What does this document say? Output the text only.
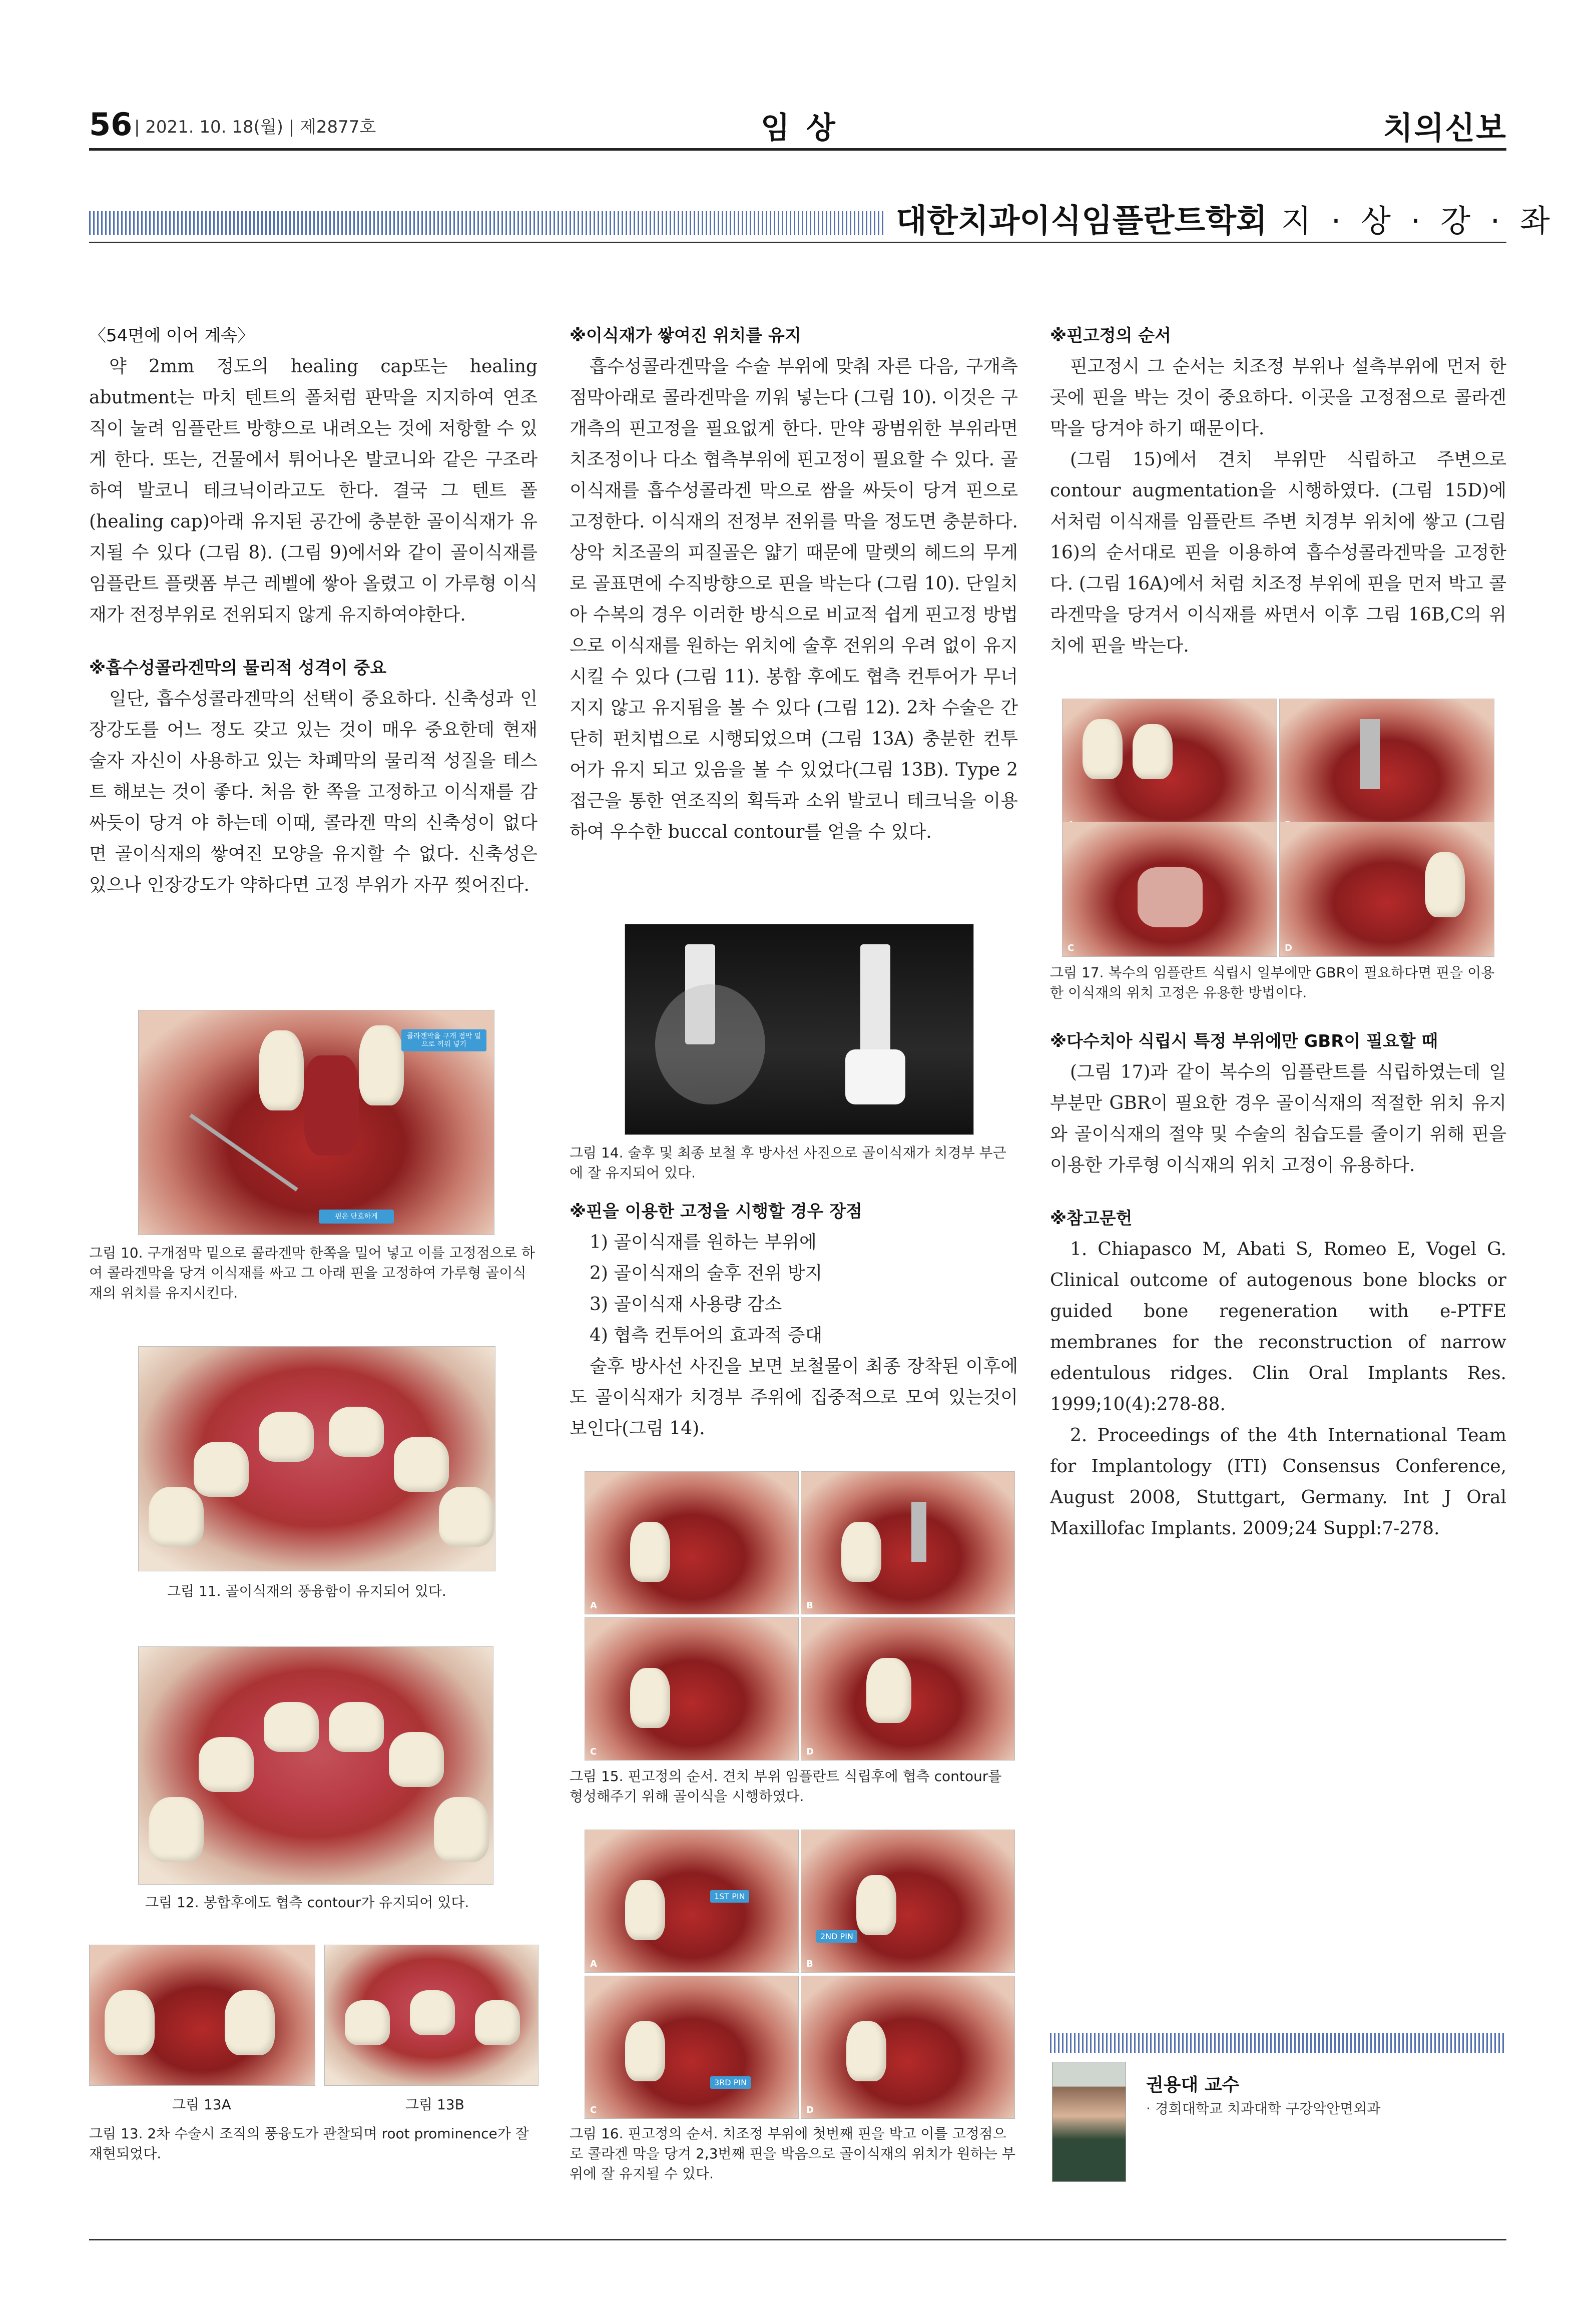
56 | 2021. 10. 18(월) | 제2877호	임 상	치의신보
대한치과이식임플란트학회 지 · 상 · 강 · 좌

〈54면에 이어 계속〉

약 2mm 정도의 healing cap또는 healing abutment는 마치 텐트의 폴처럼 판막을 지지하여 연조직이 눌려 임플란트 방향으로 내려오는 것에 저항할 수 있게 한다. 또는, 건물에서 튀어나온 발코니와 같은 구조라 하여 발코니 테크닉이라고도 한다. 결국 그 텐트 폴 (healing cap)아래 유지된 공간에 충분한 골이식재가 유지될 수 있다 (그림 8). (그림 9)에서와 같이 골이식재를 임플란트 플랫폼 부근 레벨에 쌓아 올렸고 이 가루형 이식재가 전정부위로 전위되지 않게 유지하여야한다.

※흡수성콜라겐막의 물리적 성격이 중요

일단, 흡수성콜라겐막의 선택이 중요하다. 신축성과 인장강도를 어느 정도 갖고 있는 것이 매우 중요한데 현재 술자 자신이 사용하고 있는 차폐막의 물리적 성질을 테스트 해보는 것이 좋다. 처음 한 쪽을 고정하고 이식재를 감싸듯이 당겨 야 하는데 이때, 콜라겐 막의 신축성이 없다면 골이식재의 쌓여진 모양을 유지할 수 없다. 신축성은 있으나 인장강도가 약하다면 고정 부위가 자꾸 찢어진다.

콜라겐막을 구개 점막 밑으로 끼워 넣기
핀은 단호하게
그림 10. 구개점막 밑으로 콜라겐막 한쪽을 밀어 넣고 이를 고정점으로 하여 콜라겐막을 당겨 이식재를 싸고 그 아래 핀을 고정하여 가루형 골이식재의 위치를 유지시킨다.
그림 11. 골이식재의 풍융함이 유지되어 있다.
그림 12. 봉합후에도 협측 contour가 유지되어 있다.
그림 13A	그림 13B
그림 13. 2차 수술시 조직의 풍융도가 관찰되며 root prominence가 잘 재현되었다.

※이식재가 쌓여진 위치를 유지

흡수성콜라겐막을 수술 부위에 맞춰 자른 다음, 구개측 점막아래로 콜라겐막을 끼워 넣는다 (그림 10). 이것은 구개측의 핀고정을 필요없게 한다. 만약 광범위한 부위라면 치조정이나 다소 협측부위에 핀고정이 필요할 수 있다. 골이식재를 흡수성콜라겐 막으로 쌈을 싸듯이 당겨 핀으로 고정한다. 이식재의 전정부 전위를 막을 정도면 충분하다. 상악 치조골의 피질골은 얇기 때문에 말렛의 헤드의 무게로 골표면에 수직방향으로 핀을 박는다 (그림 10). 단일치아 수복의 경우 이러한 방식으로 비교적 쉽게 핀고정 방법으로 이식재를 원하는 위치에 술후 전위의 우려 없이 유지시킬 수 있다 (그림 11). 봉합 후에도 협측 컨투어가 무너지지 않고 유지됨을 볼 수 있다 (그림 12). 2차 수술은 간단히 펀치법으로 시행되었으며 (그림 13A) 충분한 컨투어가 유지 되고 있음을 볼 수 있었다(그림 13B). Type 2 접근을 통한 연조직의 획득과 소위 발코니 테크닉을 이용하여 우수한 buccal contour를 얻을 수 있다.

그림 14. 술후 및 최종 보철 후 방사선 사진으로 골이식재가 치경부 부근에 잘 유지되어 있다.

※핀을 이용한 고정을 시행할 경우 장점

1) 골이식재를 원하는 부위에

2) 골이식재의 술후 전위 방지

3) 골이식재 사용량 감소

4) 협측 컨투어의 효과적 증대

술후 방사선 사진을 보면 보철물이 최종 장착된 이후에도 골이식재가 치경부 주위에 집중적으로 모여 있는것이 보인다(그림 14).

A	B
C	D
그림 15. 핀고정의 순서. 견치 부위 임플란트 식립후에 협측 contour를 형성해주기 위해 골이식을 시행하였다.
1ST PIN
A
2ND PIN
B
3RD PIN
C	D
그림 16. 핀고정의 순서. 치조정 부위에 첫번째 핀을 박고 이를 고정점으로 콜라겐 막을 당겨 2,3번째 핀을 박음으로 골이식재의 위치가 원하는 부위에 잘 유지될 수 있다.

※핀고정의 순서

핀고정시 그 순서는 치조정 부위나 설측부위에 먼저 한곳에 핀을 박는 것이 중요하다. 이곳을 고정점으로 콜라겐막을 당겨야 하기 때문이다.

(그림 15)에서 견치 부위만 식립하고 주변으로 contour augmentation을 시행하였다. (그림 15D)에 서처럼 이식재를 임플란트 주변 치경부 위치에 쌓고 (그림 16)의 순서대로 핀을 이용하여 흡수성콜라겐막을 고정한다. (그림 16A)에서 처럼 치조정 부위에 핀을 먼저 박고 콜라겐막을 당겨서 이식재를 싸면서 이후 그림 16B,C의 위치에 핀을 박는다.

C	D
그림 17. 복수의 임플란트 식립시 일부에만 GBR이 필요하다면 핀을 이용한 이식재의 위치 고정은 유용한 방법이다.

※다수치아 식립시 특정 부위에만 GBR이 필요할 때

(그림 17)과 같이 복수의 임플란트를 식립하였는데 일부분만 GBR이 필요한 경우 골이식재의 적절한 위치 유지와 골이식재의 절약 및 수술의 침습도를 줄이기 위해 핀을 이용한 가루형 이식재의 위치 고정이 유용하다.

※참고문헌

1. Chiapasco M, Abati S, Romeo E, Vogel G. Clinical outcome of autogenous bone blocks or guided bone regeneration with e-PTFE membranes for the reconstruction of narrow edentulous ridges. Clin Oral Implants Res. 1999;10(4):278-88.

2. Proceedings of the 4th International Team for Implantology (ITI) Consensus Conference, August 2008, Stuttgart, Germany. Int J Oral Maxillofac Implants. 2009;24 Suppl:7-278.

권용대 교수
· 경희대학교 치과대학 구강악안면외과
